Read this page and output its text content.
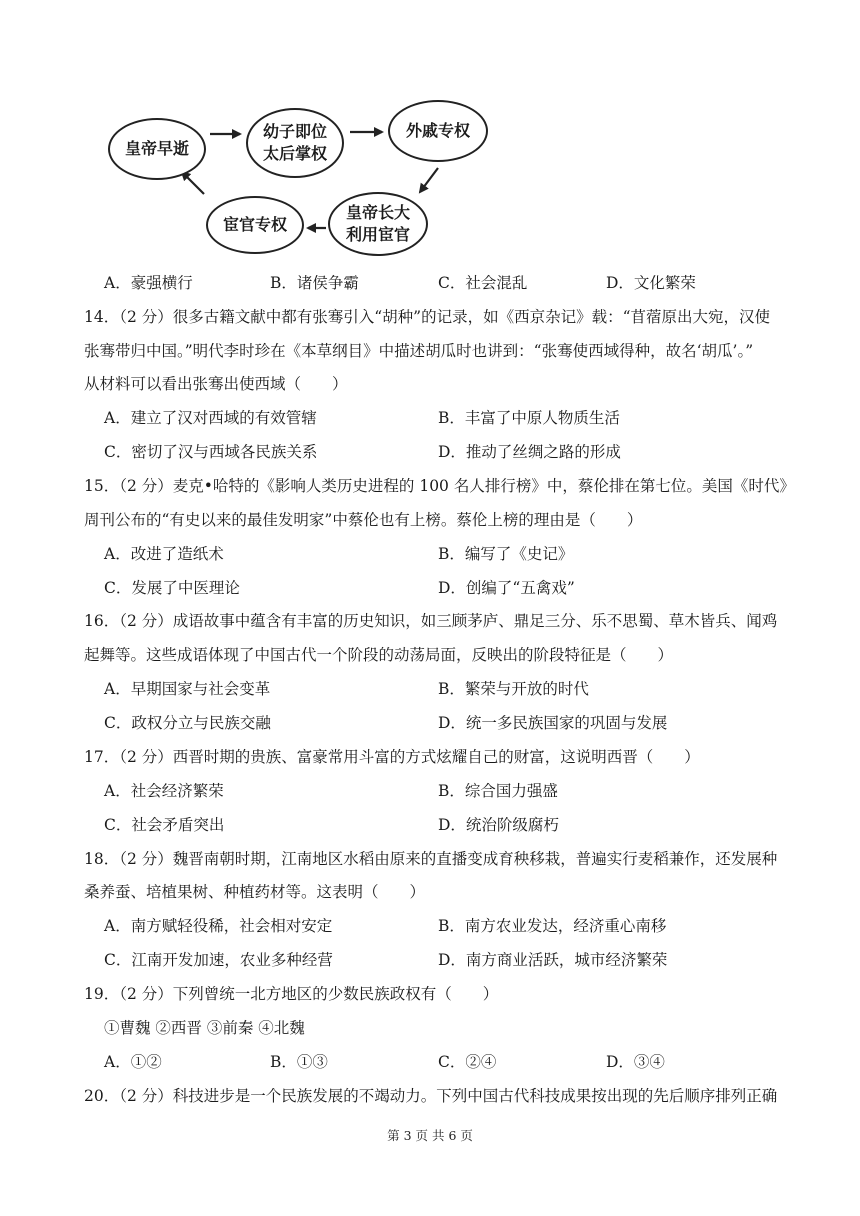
皇帝早逝
幼子即位
太后掌权
外戚专权
皇帝长大
利用宦官
宦官专权
A．豪强横行	B．诸侯争霸	C．社会混乱	D．文化繁荣
14．（2 分）很多古籍文献中都有张骞引入“胡种”的记录，如《西京杂记》载：“苜蓿原出大宛，汉使
张骞带归中国。”明代李时珍在《本草纲目》中描述胡瓜时也讲到：“张骞使西域得种，故名‘胡瓜’。”
从材料可以看出张骞出使西域（　　）
A．建立了汉对西域的有效管辖	B．丰富了中原人物质生活
C．密切了汉与西域各民族关系	D．推动了丝绸之路的形成
15．（2 分）麦克•哈特的《影响人类历史进程的 100 名人排行榜》中，蔡伦排在第七位。美国《时代》
周刊公布的“有史以来的最佳发明家”中蔡伦也有上榜。蔡伦上榜的理由是（　　）
A．改进了造纸术	B．编写了《史记》
C．发展了中医理论	D．创编了“五禽戏”
16．（2 分）成语故事中蕴含有丰富的历史知识，如三顾茅庐、鼎足三分、乐不思蜀、草木皆兵、闻鸡
起舞等。这些成语体现了中国古代一个阶段的动荡局面，反映出的阶段特征是（　　）
A．早期国家与社会变革	B．繁荣与开放的时代
C．政权分立与民族交融	D．统一多民族国家的巩固与发展
17．（2 分）西晋时期的贵族、富豪常用斗富的方式炫耀自己的财富，这说明西晋（　　）
A．社会经济繁荣	B．综合国力强盛
C．社会矛盾突出	D．统治阶级腐朽
18．（2 分）魏晋南朝时期，江南地区水稻由原来的直播变成育秧移栽，普遍实行麦稻兼作，还发展种
桑养蚕、培植果树、种植药材等。这表明（　　）
A．南方赋轻役稀，社会相对安定	B．南方农业发达，经济重心南移
C．江南开发加速，农业多种经营	D．南方商业活跃，城市经济繁荣
19．（2 分）下列曾统一北方地区的少数民族政权有（　　）
①曹魏 ②西晋 ③前秦 ④北魏
A．①②	B．①③	C．②④	D．③④
20．（2 分）科技进步是一个民族发展的不竭动力。下列中国古代科技成果按出现的先后顺序排列正确
第 3 页 共 6 页
